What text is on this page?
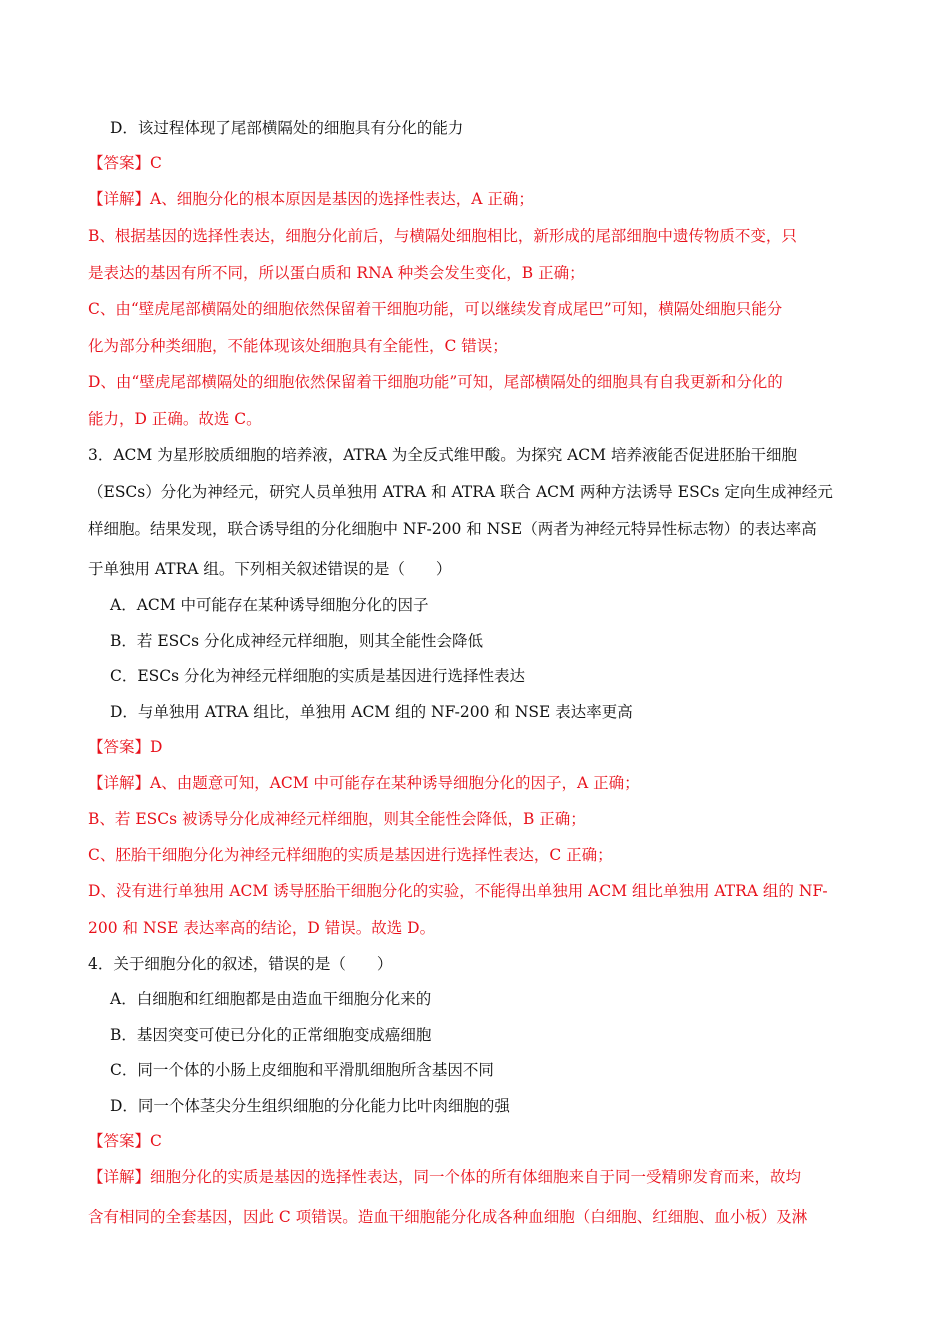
D．该过程体现了尾部横隔处的细胞具有分化的能力
【答案】C
【详解】A、细胞分化的根本原因是基因的选择性表达，A 正确；
B、根据基因的选择性表达，细胞分化前后，与横隔处细胞相比，新形成的尾部细胞中遗传物质不变，只
是表达的基因有所不同，所以蛋白质和 RNA 种类会发生变化，B 正确；
C、由“壁虎尾部横隔处的细胞依然保留着干细胞功能，可以继续发育成尾巴”可知，横隔处细胞只能分
化为部分种类细胞，不能体现该处细胞具有全能性，C 错误；
D、由“壁虎尾部横隔处的细胞依然保留着干细胞功能”可知，尾部横隔处的细胞具有自我更新和分化的
能力，D 正确。故选 C。
3．ACM 为星形胶质细胞的培养液，ATRA 为全反式维甲酸。为探究 ACM 培养液能否促进胚胎干细胞
（ESCs）分化为神经元，研究人员单独用 ATRA 和 ATRA 联合 ACM 两种方法诱导 ESCs 定向生成神经元
样细胞。结果发现，联合诱导组的分化细胞中 NF-200 和 NSE（两者为神经元特异性标志物）的表达率高
于单独用 ATRA 组。下列相关叙述错误的是（　　）
A．ACM 中可能存在某种诱导细胞分化的因子
B．若 ESCs 分化成神经元样细胞，则其全能性会降低
C．ESCs 分化为神经元样细胞的实质是基因进行选择性表达
D．与单独用 ATRA 组比，单独用 ACM 组的 NF-200 和 NSE 表达率更高
【答案】D
【详解】A、由题意可知，ACM 中可能存在某种诱导细胞分化的因子，A 正确；
B、若 ESCs 被诱导分化成神经元样细胞，则其全能性会降低，B 正确；
C、胚胎干细胞分化为神经元样细胞的实质是基因进行选择性表达，C 正确；
D、没有进行单独用 ACM 诱导胚胎干细胞分化的实验，不能得出单独用 ACM 组比单独用 ATRA 组的 NF-
200 和 NSE 表达率高的结论，D 错误。故选 D。
4．关于细胞分化的叙述，错误的是（　　）
A．白细胞和红细胞都是由造血干细胞分化来的
B．基因突变可使已分化的正常细胞变成癌细胞
C．同一个体的小肠上皮细胞和平滑肌细胞所含基因不同
D．同一个体茎尖分生组织细胞的分化能力比叶肉细胞的强
【答案】C
【详解】细胞分化的实质是基因的选择性表达，同一个体的所有体细胞来自于同一受精卵发育而来，故均
含有相同的全套基因，因此 C 项错误。造血干细胞能分化成各种血细胞（白细胞、红细胞、血小板）及淋
